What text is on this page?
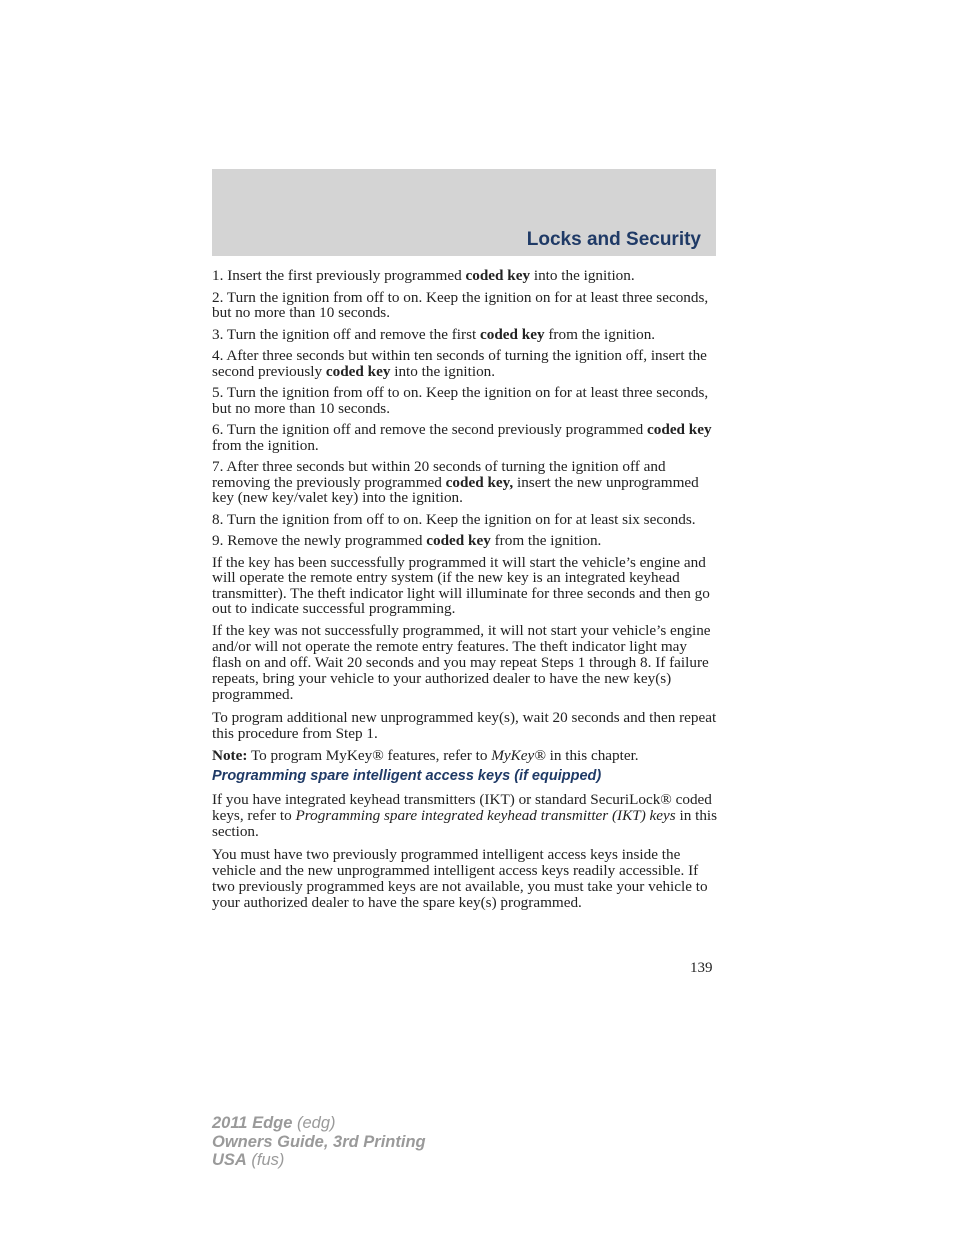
Locks and Security

1. Insert the first previously programmed coded key into the ignition.

2. Turn the ignition from off to on. Keep the ignition on for at least three seconds, but no more than 10 seconds.

3. Turn the ignition off and remove the first coded key from the ignition.

4. After three seconds but within ten seconds of turning the ignition off, insert the second previously coded key into the ignition.

5. Turn the ignition from off to on. Keep the ignition on for at least three seconds, but no more than 10 seconds.

6. Turn the ignition off and remove the second previously programmed coded key from the ignition.

7. After three seconds but within 20 seconds of turning the ignition off and removing the previously programmed coded key, insert the new unprogrammed key (new key/valet key) into the ignition.

8. Turn the ignition from off to on. Keep the ignition on for at least six seconds.

9. Remove the newly programmed coded key from the ignition.

If the key has been successfully programmed it will start the vehicle’s engine and will operate the remote entry system (if the new key is an integrated keyhead transmitter). The theft indicator light will illuminate for three seconds and then go out to indicate successful programming.

If the key was not successfully programmed, it will not start your vehicle’s engine and/or will not operate the remote entry features. The theft indicator light may flash on and off. Wait 20 seconds and you may repeat Steps 1 through 8. If failure repeats, bring your vehicle to your authorized dealer to have the new key(s) programmed.

To program additional new unprogrammed key(s), wait 20 seconds and then repeat this procedure from Step 1.

Note: To program MyKey® features, refer to MyKey® in this chapter.

Programming spare intelligent access keys (if equipped)

If you have integrated keyhead transmitters (IKT) or standard SecuriLock® coded keys, refer to Programming spare integrated keyhead transmitter (IKT) keys in this section.

You must have two previously programmed intelligent access keys inside the vehicle and the new unprogrammed intelligent access keys readily accessible. If two previously programmed keys are not available, you must take your vehicle to your authorized dealer to have the spare key(s) programmed.

139
2011 Edge (edg)
Owners Guide, 3rd Printing
USA (fus)
